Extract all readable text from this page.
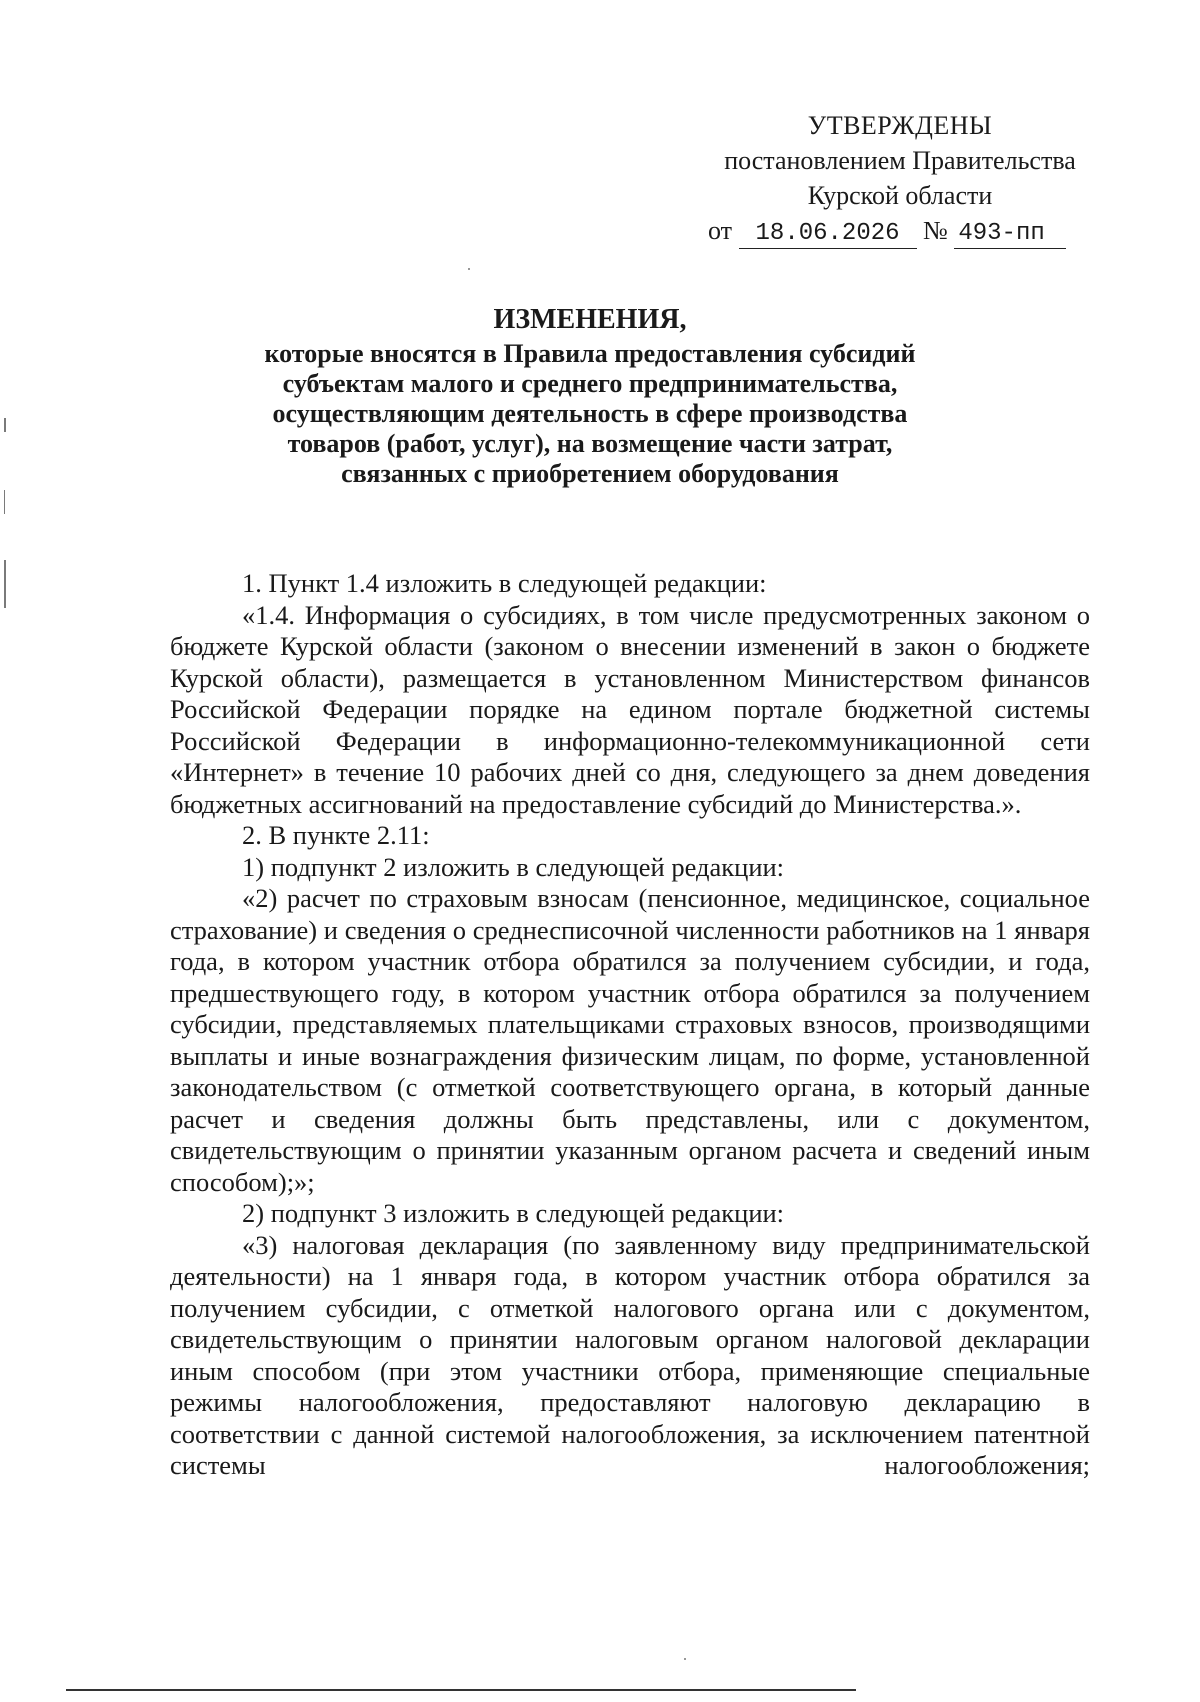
УТВЕРЖДЕНЫ
постановлением Правительства
Курской области
от 18.06.2026 № 493-пп
ИЗМЕНЕНИЯ,
которые вносятся в Правила предоставления субсидий
субъектам малого и среднего предпринимательства,
осуществляющим деятельность в сфере производства
товаров (работ, услуг), на возмещение части затрат,
связанных с приобретением оборудования

1. Пункт 1.4 изложить в следующей редакции:

«1.4. Информация о субсидиях, в том числе предусмотренных законом о бюджете Курской области (законом о внесении изменений в закон о бюджете Курской области), размещается в установленном Министерством финансов Российской Федерации порядке на едином портале бюджетной системы Российской Федерации в информационно-телекоммуникационной сети «Интернет» в течение 10 рабочих дней со дня, следующего за днем доведения бюджетных ассигнований на предоставление субсидий до Министерства.».

2. В пункте 2.11:

1) подпункт 2 изложить в следующей редакции:

«2) расчет по страховым взносам (пенсионное, медицинское, социальное страхование) и сведения о среднесписочной численности работников на 1 января года, в котором участник отбора обратился за получением субсидии, и года, предшествующего году, в котором участник отбора обратился за получением субсидии, представляемых плательщиками страховых взносов, производящими выплаты и иные вознаграждения физическим лицам, по форме, установленной законодательством (с отметкой соответствующего органа, в который данные расчет и сведения должны быть представлены, или с документом, свидетельствующим о принятии указанным органом расчета и сведений иным способом);»;

2) подпункт 3 изложить в следующей редакции:

«3) налоговая декларация (по заявленному виду предпринимательской деятельности) на 1 января года, в котором участник отбора обратился за получением субсидии, с отметкой налогового органа или с документом, свидетельствующим о принятии налоговым органом налоговой декларации иным способом (при этом участники отбора, применяющие специальные режимы налогообложения, предоставляют налоговую декларацию в соответствии с данной системой налогообложения, за исключением патентной системы налогообложения;
